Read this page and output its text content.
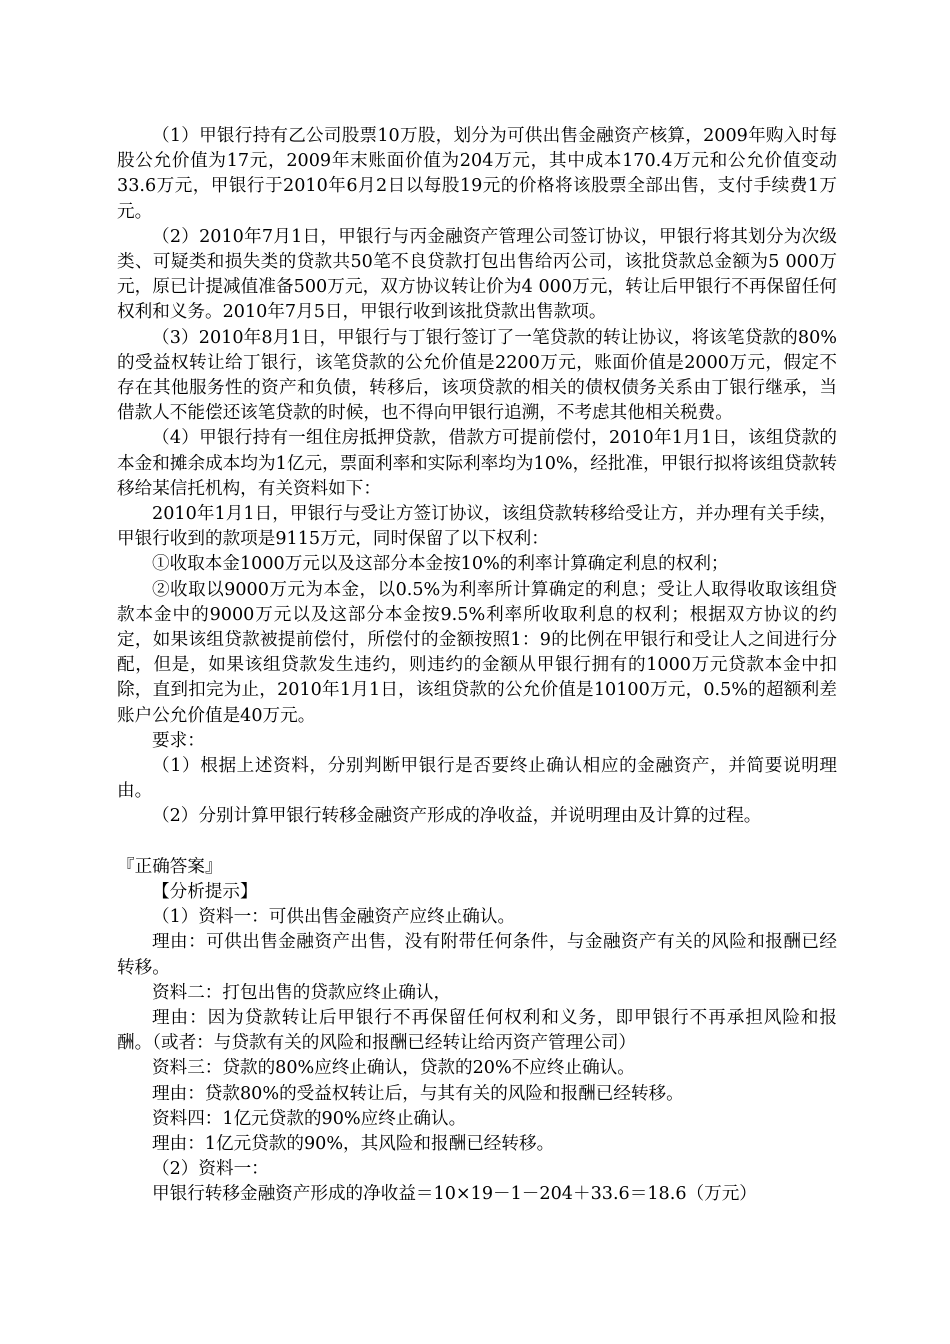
（1）甲银行持有乙公司股票10万股，划分为可供出售金融资产核算，2009年购入时每股公允价值为17元，2009年末账面价值为204万元，其中成本170.4万元和公允价值变动33.6万元，甲银行于2010年6月2日以每股19元的价格将该股票全部出售，支付手续费1万元。

（2）2010年7月1日，甲银行与丙金融资产管理公司签订协议，甲银行将其划分为次级类、可疑类和损失类的贷款共50笔不良贷款打包出售给丙公司，该批贷款总金额为5 000万元，原已计提减值准备500万元，双方协议转让价为4 000万元，转让后甲银行不再保留任何权利和义务。2010年7月5日，甲银行收到该批贷款出售款项。

（3）2010年8月1日，甲银行与丁银行签订了一笔贷款的转让协议，将该笔贷款的80%的受益权转让给丁银行，该笔贷款的公允价值是2200万元，账面价值是2000万元，假定不存在其他服务性的资产和负债，转移后，该项贷款的相关的债权债务关系由丁银行继承，当借款人不能偿还该笔贷款的时候，也不得向甲银行追溯，不考虑其他相关税费。

（4）甲银行持有一组住房抵押贷款，借款方可提前偿付，2010年1月1日，该组贷款的本金和摊余成本均为1亿元，票面利率和实际利率均为10%，经批准，甲银行拟将该组贷款转移给某信托机构，有关资料如下：

2010年1月1日，甲银行与受让方签订协议，该组贷款转移给受让方，并办理有关手续，甲银行收到的款项是9115万元，同时保留了以下权利：

①收取本金1000万元以及这部分本金按10%的利率计算确定利息的权利；

②收取以9000万元为本金，以0.5%为利率所计算确定的利息；受让人取得收取该组贷款本金中的9000万元以及这部分本金按9.5%利率所收取利息的权利；根据双方协议的约定，如果该组贷款被提前偿付，所偿付的金额按照1：9的比例在甲银行和受让人之间进行分配，但是，如果该组贷款发生违约，则违约的金额从甲银行拥有的1000万元贷款本金中扣除，直到扣完为止，2010年1月1日，该组贷款的公允价值是10100万元，0.5%的超额利差账户公允价值是40万元。

要求：

（1）根据上述资料，分别判断甲银行是否要终止确认相应的金融资产，并简要说明理由。

（2）分别计算甲银行转移金融资产形成的净收益，并说明理由及计算的过程。

『正确答案』

【分析提示】

（1）资料一：可供出售金融资产应终止确认。

理由：可供出售金融资产出售，没有附带任何条件，与金融资产有关的风险和报酬已经转移。

资料二：打包出售的贷款应终止确认，

理由：因为贷款转让后甲银行不再保留任何权利和义务，即甲银行不再承担风险和报酬。（或者：与贷款有关的风险和报酬已经转让给丙资产管理公司）

资料三：贷款的80%应终止确认，贷款的20%不应终止确认。

理由：贷款80%的受益权转让后，与其有关的风险和报酬已经转移。

资料四：1亿元贷款的90%应终止确认。

理由：1亿元贷款的90%，其风险和报酬已经转移。

（2）资料一：

甲银行转移金融资产形成的净收益＝10×19－1－204＋33.6＝18.6（万元）
